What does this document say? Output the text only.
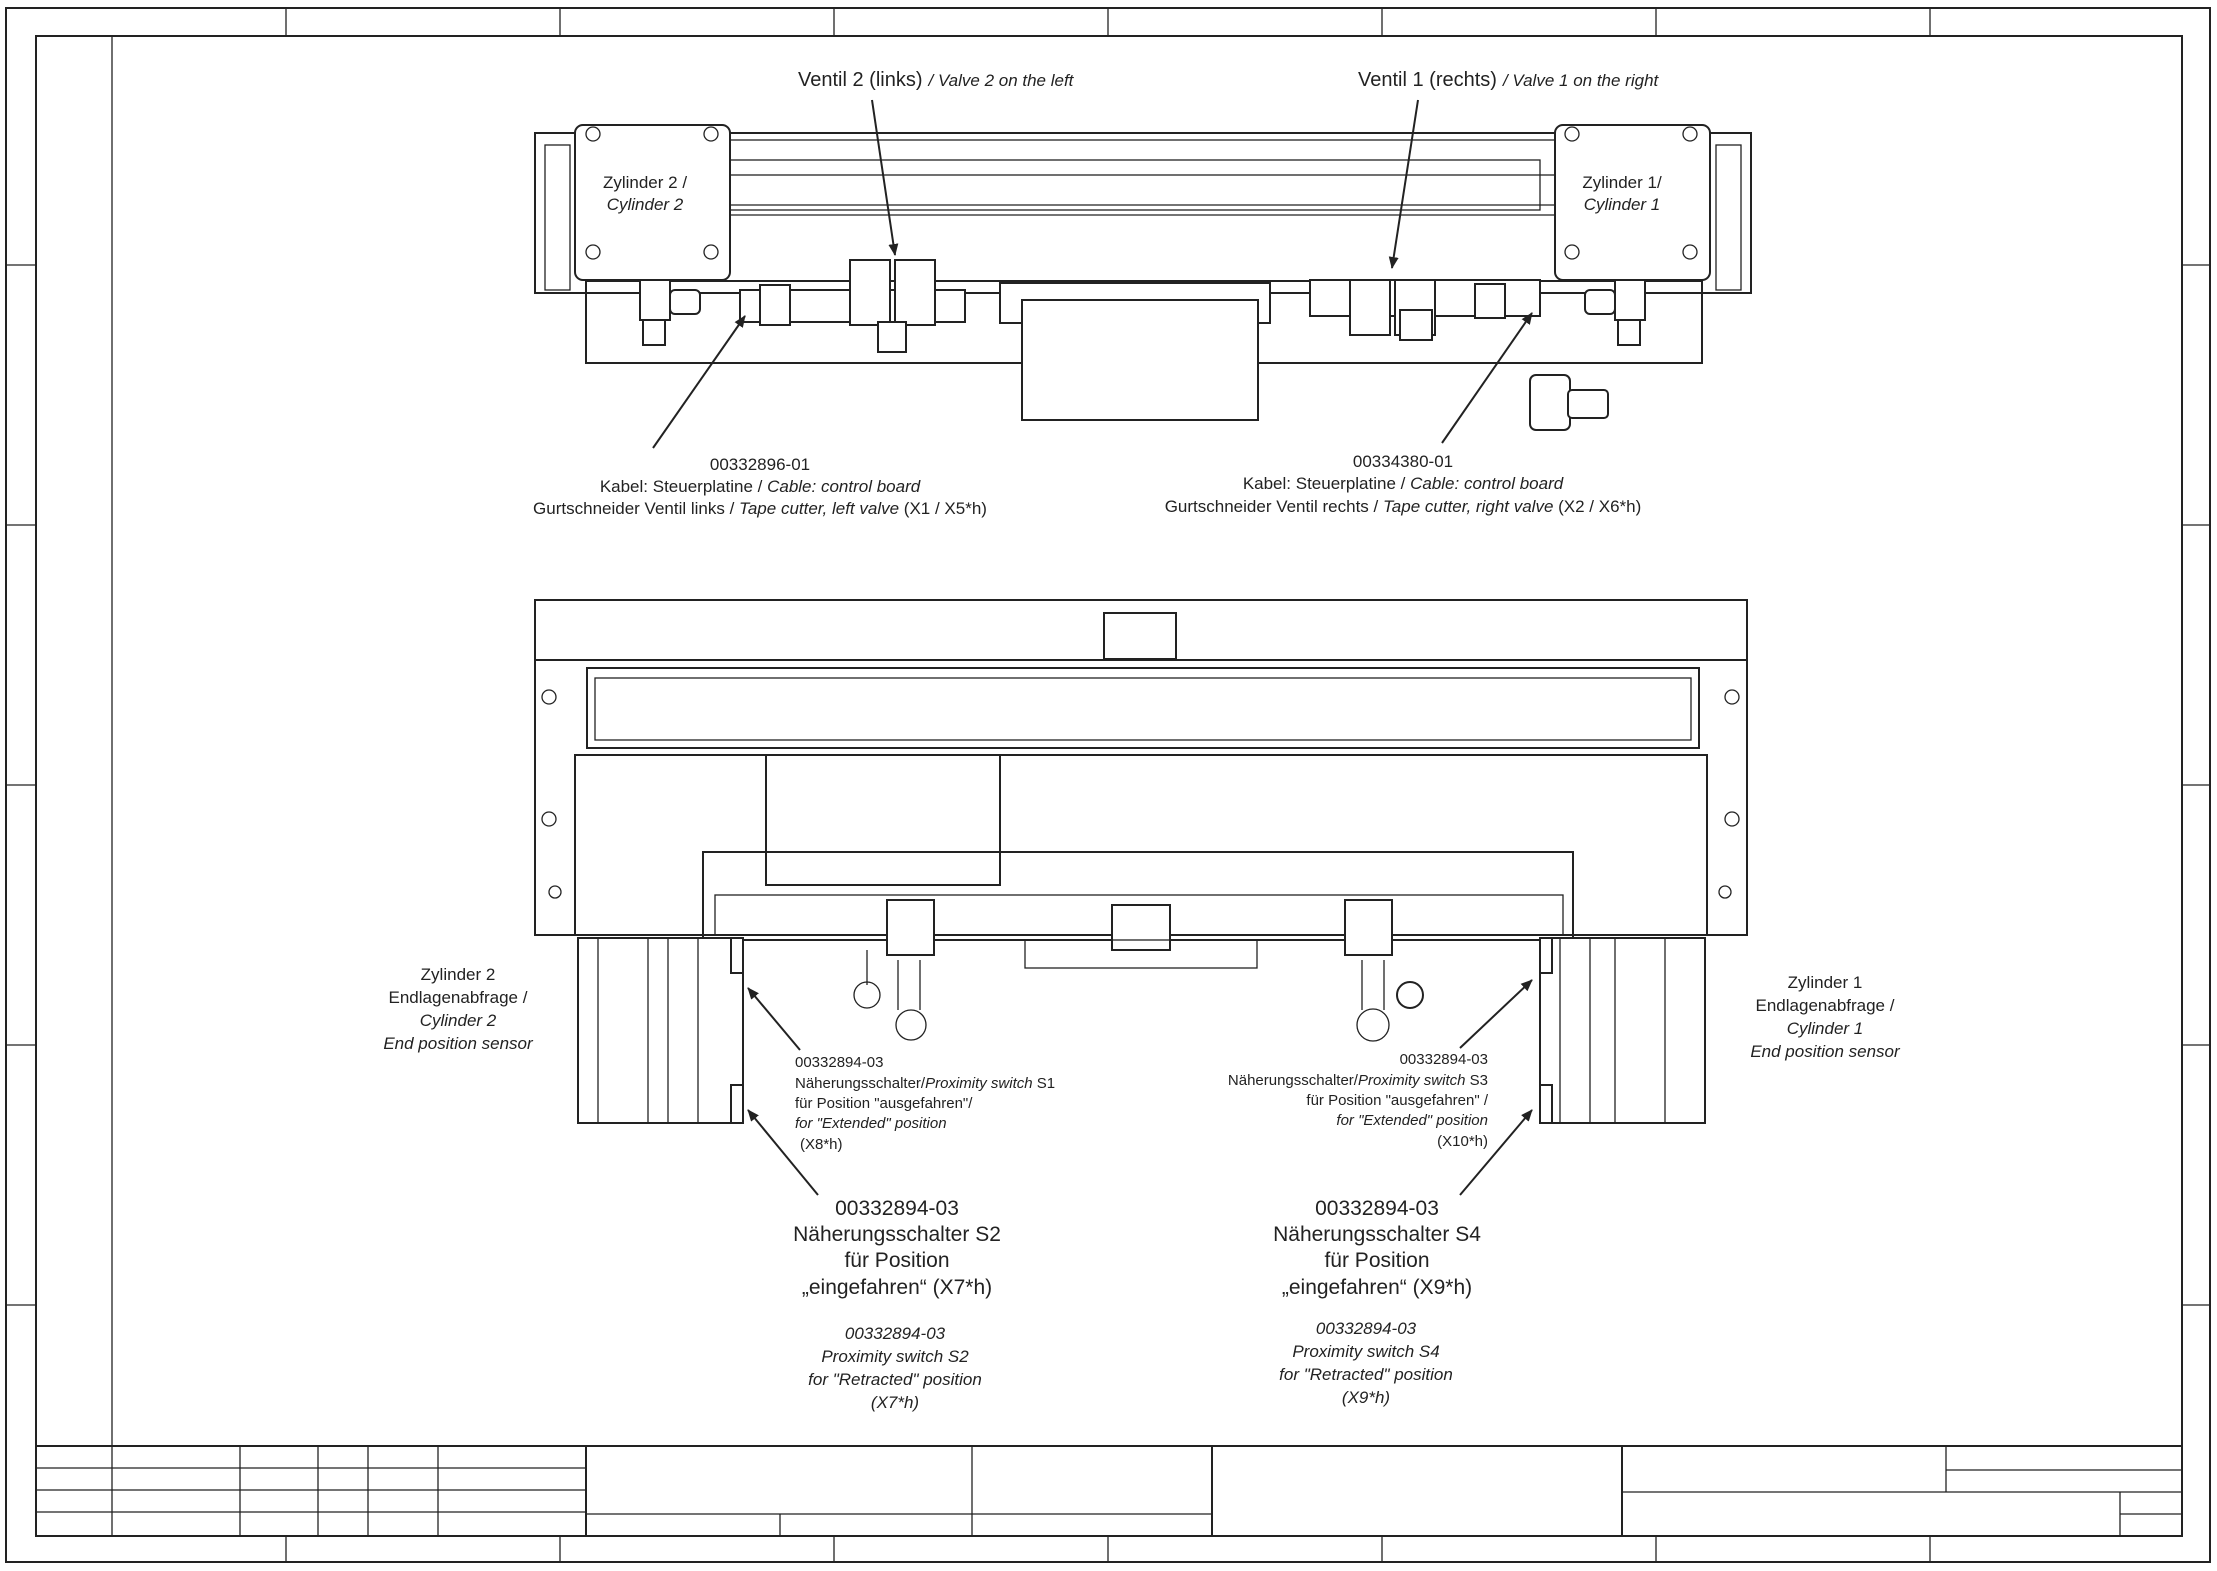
Ventil 2 (links) / Valve 2 on the left	Ventil 1 (rechts) / Valve 1 on the right
Zylinder 2 /
Cylinder 2
Zylinder 1/
Cylinder 1
00332896-01
Kabel: Steuerplatine / Cable: control board
Gurtschneider Ventil links / Tape cutter, left valve (X1 / X5*h)
00334380-01
Kabel: Steuerplatine / Cable: control board
Gurtschneider Ventil rechts / Tape cutter, right valve (X2 / X6*h)
Zylinder 2
Endlagenabfrage /
Cylinder 2
End position sensor
Zylinder 1
Endlagenabfrage /
Cylinder 1
End position sensor
00332894-03
Näherungsschalter/Proximity switch S1
für Position "ausgefahren"/
for "Extended" position
(X8*h)
00332894-03
Näherungsschalter/Proximity switch S3
für Position "ausgefahren" /
for "Extended" position
(X10*h)
00332894-03
Näherungsschalter S2
für Position
„eingefahren“ (X7*h)
00332894-03
Proximity switch S2
for "Retracted" position
(X7*h)
00332894-03
Näherungsschalter S4
für Position
„eingefahren“ (X9*h)
00332894-03
Proximity switch S4
for "Retracted" position
(X9*h)
